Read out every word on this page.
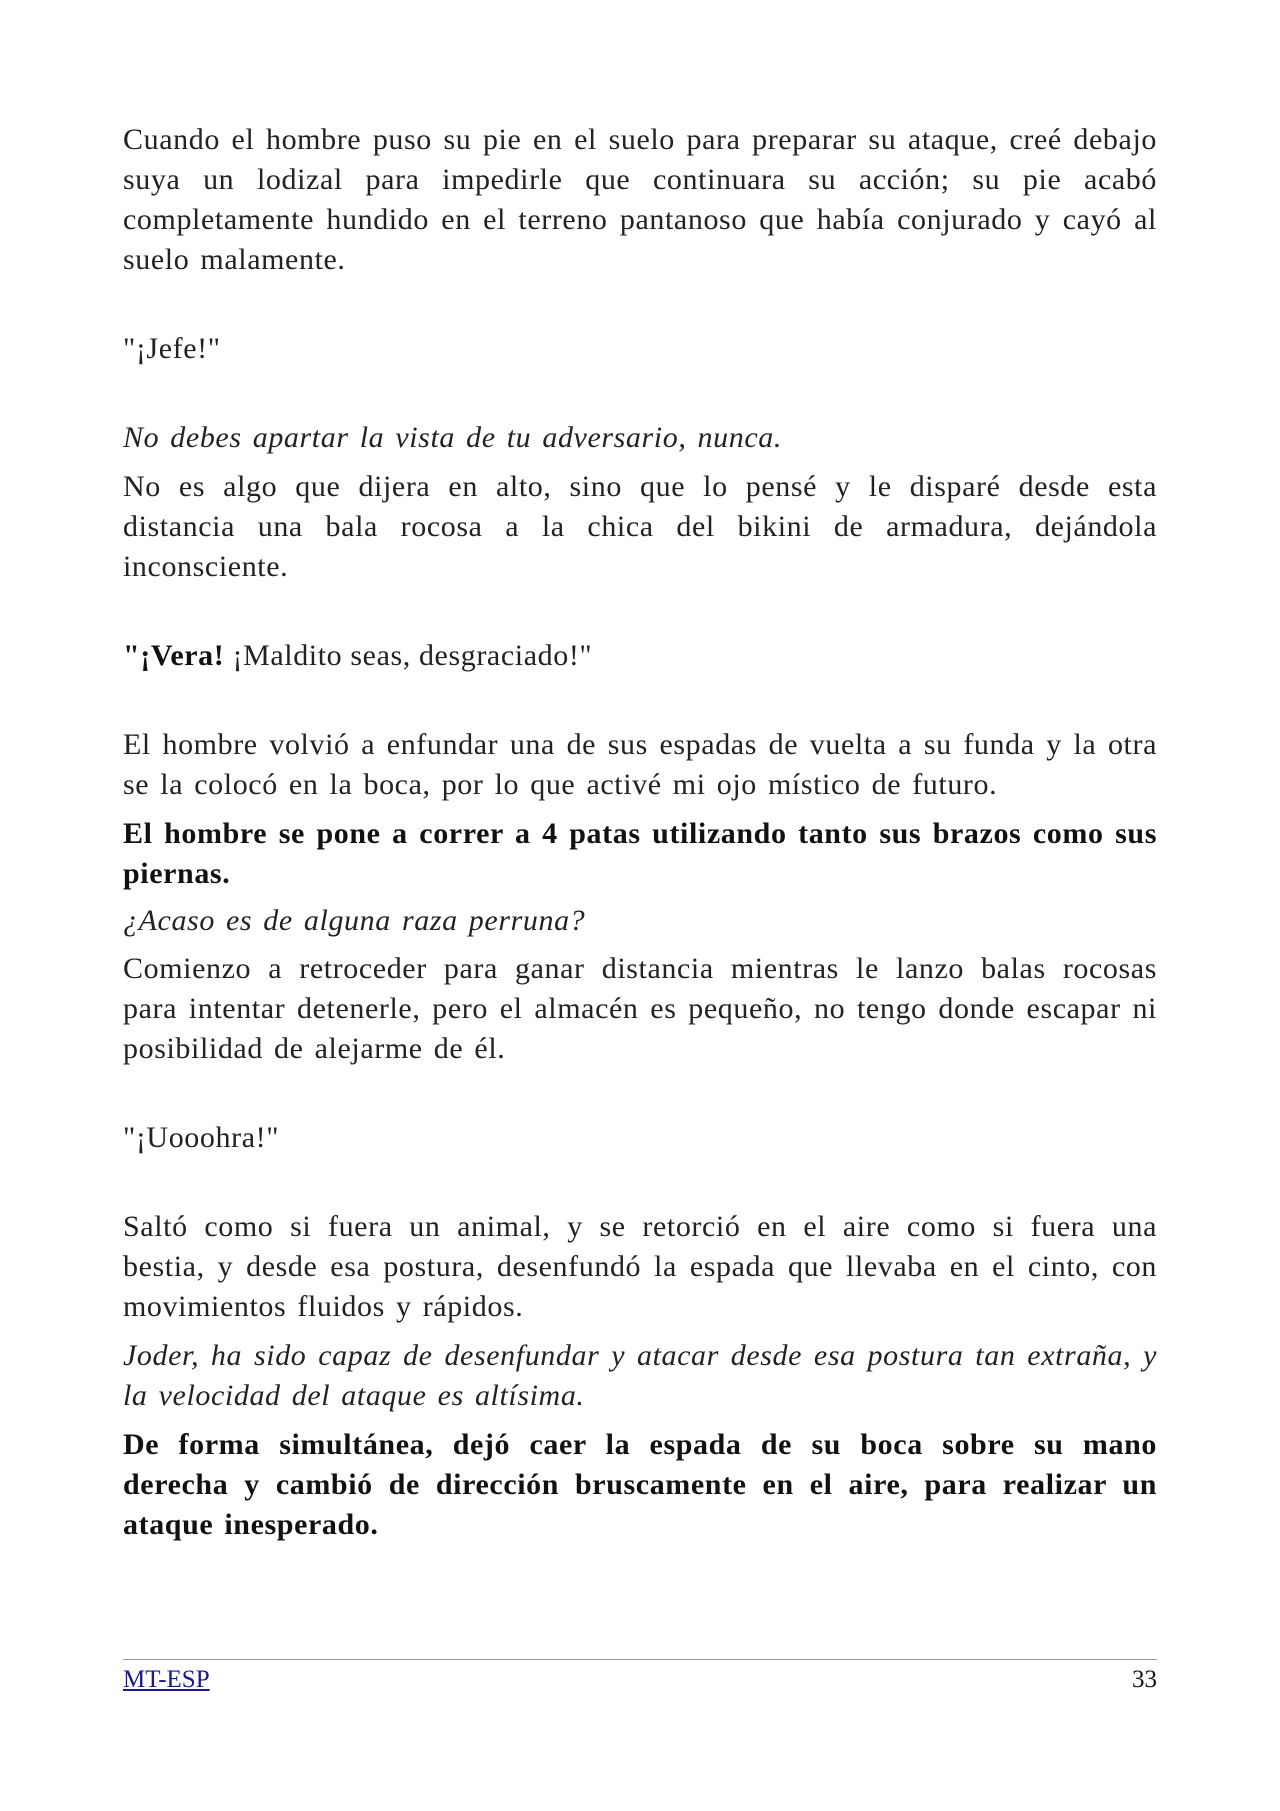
Cuando el hombre puso su pie en el suelo para preparar su ataque, creé debajo suya un lodizal para impedirle que continuara su acción; su pie acabó completamente hundido en el terreno pantanoso que había conjurado y cayó al suelo malamente.

"¡Jefe!"

No debes apartar la vista de tu adversario, nunca.

No es algo que dijera en alto, sino que lo pensé y le disparé desde esta distancia una bala rocosa a la chica del bikini de armadura, dejándola inconsciente.

"¡Vera! ¡Maldito seas, desgraciado!"

El hombre volvió a enfundar una de sus espadas de vuelta a su funda y la otra se la colocó en la boca, por lo que activé mi ojo místico de futuro.

El hombre se pone a correr a 4 patas utilizando tanto sus brazos como sus piernas.

¿Acaso es de alguna raza perruna?

Comienzo a retroceder para ganar distancia mientras le lanzo balas rocosas para intentar detenerle, pero el almacén es pequeño, no tengo donde escapar ni posibilidad de alejarme de él.

"¡Uooohra!"

Saltó como si fuera un animal, y se retorció en el aire como si fuera una bestia, y desde esa postura, desenfundó la espada que llevaba en el cinto, con movimientos fluidos y rápidos.

Joder, ha sido capaz de desenfundar y atacar desde esa postura tan extraña, y la velocidad del ataque es altísima.

De forma simultánea, dejó caer la espada de su boca sobre su mano derecha y cambió de dirección bruscamente en el aire, para realizar un ataque inesperado.

MT-ESP	33
